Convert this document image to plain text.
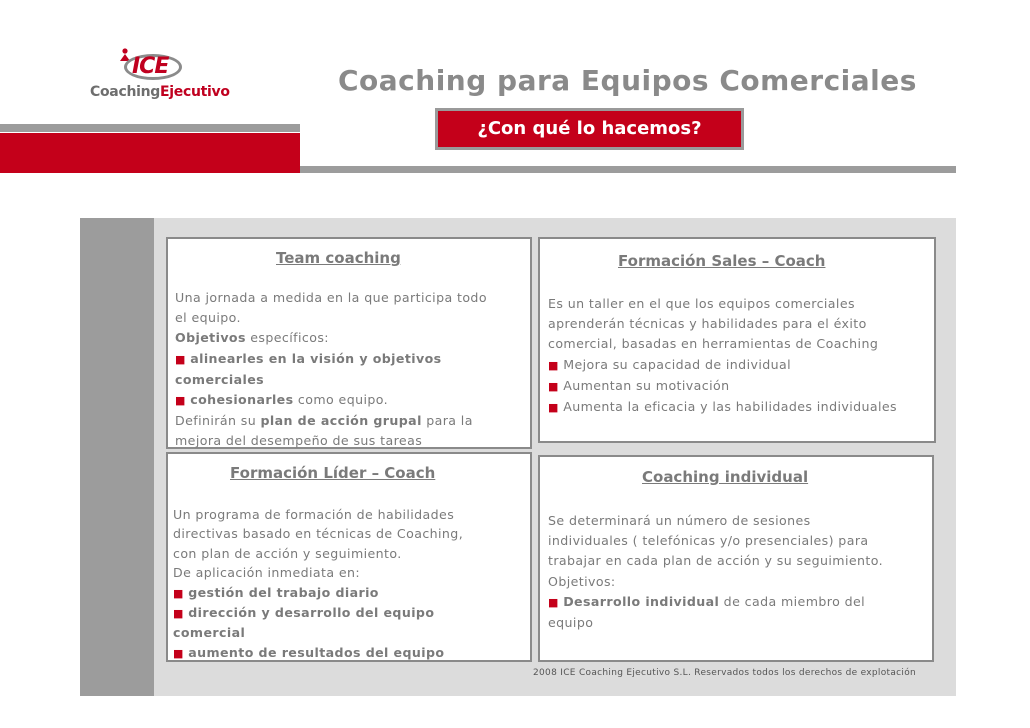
ICE
CoachingEjecutivo	Coaching para Equipos Comerciales
¿Con qué lo hacemos?
Team coaching
Una jornada a medida en la que participa todo
el equipo.
Objetivos específicos:
■ alinearles en la visión y objetivos
comerciales
■ cohesionarles como equipo.
Definirán su plan de acción grupal para la
mejora del desempeño de sus tareas
Formación Sales – Coach
Es un taller en el que los equipos comerciales
aprenderán técnicas y habilidades para el éxito
comercial, basadas en herramientas de Coaching
■ Mejora su capacidad de individual
■ Aumentan su motivación
■ Aumenta la eficacia y las habilidades individuales
Formación Líder – Coach
Un programa de formación de habilidades
directivas basado en técnicas de Coaching,
con plan de acción y seguimiento.
De aplicación inmediata en:
■ gestión del trabajo diario
■ dirección y desarrollo del equipo
comercial
■ aumento de resultados del equipo
Coaching individual
Se determinará un número de sesiones
individuales ( telefónicas y/o presenciales) para
trabajar en cada plan de acción y su seguimiento.
Objetivos:
■ Desarrollo individual de cada miembro del
equipo
2008 ICE Coaching Ejecutivo S.L. Reservados todos los derechos de explotación
